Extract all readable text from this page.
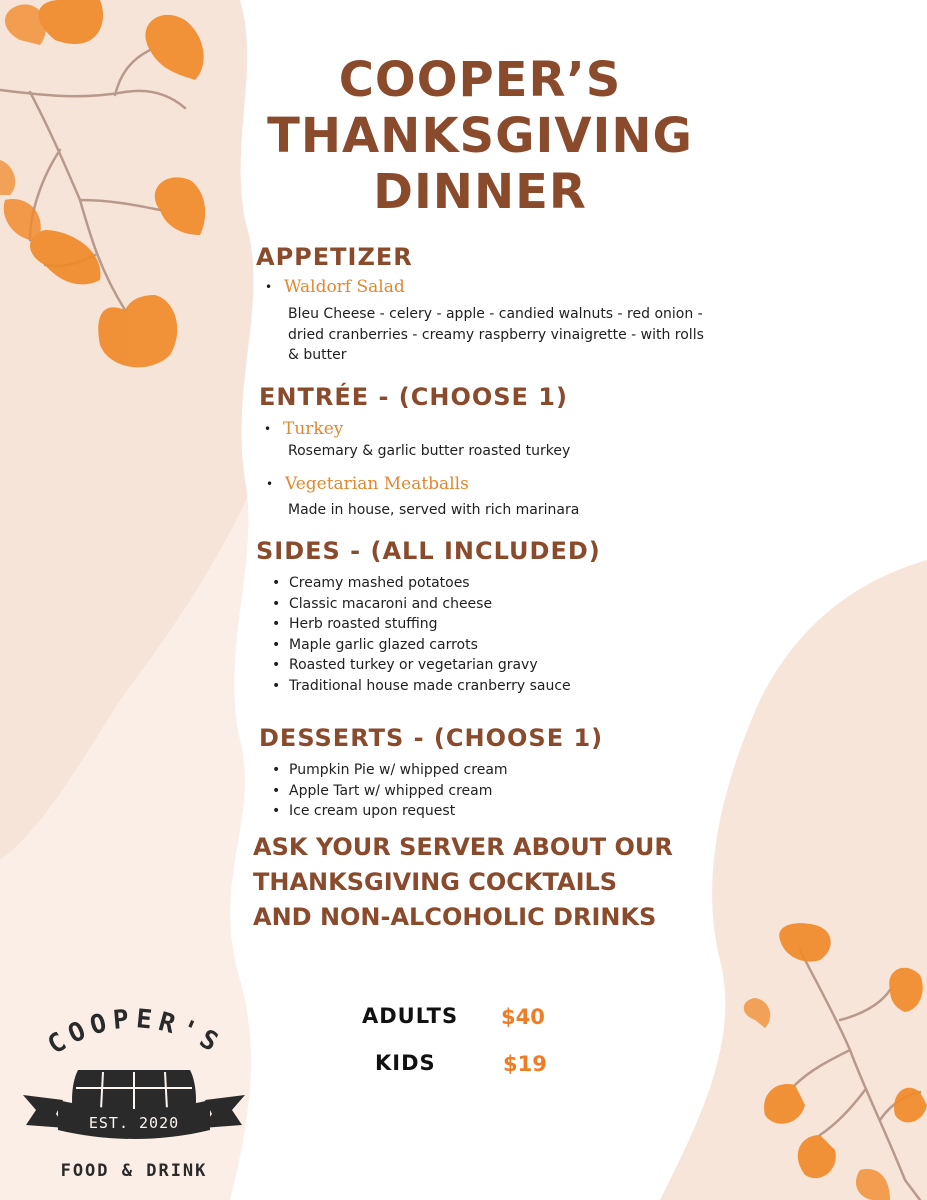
COOPER’S
THANKSGIVING
DINNER
APPETIZER

• Waldorf Salad

Bleu Cheese - celery - apple - candied walnuts - red onion -
dried cranberries - creamy raspberry vinaigrette - with rolls
& butter
ENTRÉE - (CHOOSE 1)

• Turkey

Rosemary & garlic butter roasted turkey

• Vegetarian Meatballs

Made in house, served with rich marinara
SIDES - (ALL INCLUDED)
• Creamy mashed potatoes
• Classic macaroni and cheese
• Herb roasted stuffing
• Maple garlic glazed carrots
• Roasted turkey or vegetarian gravy
• Traditional house made cranberry sauce
DESSERTS - (CHOOSE 1)
• Pumpkin Pie w/ whipped cream
• Apple Tart w/ whipped cream
• Ice cream upon request
ASK YOUR SERVER ABOUT OUR
THANKSGIVING COCKTAILS
AND NON-ALCOHOLIC DRINKS
ADULTS $40
KIDS	$19
COOPER'S
EST. 2020
FOOD & DRINK
